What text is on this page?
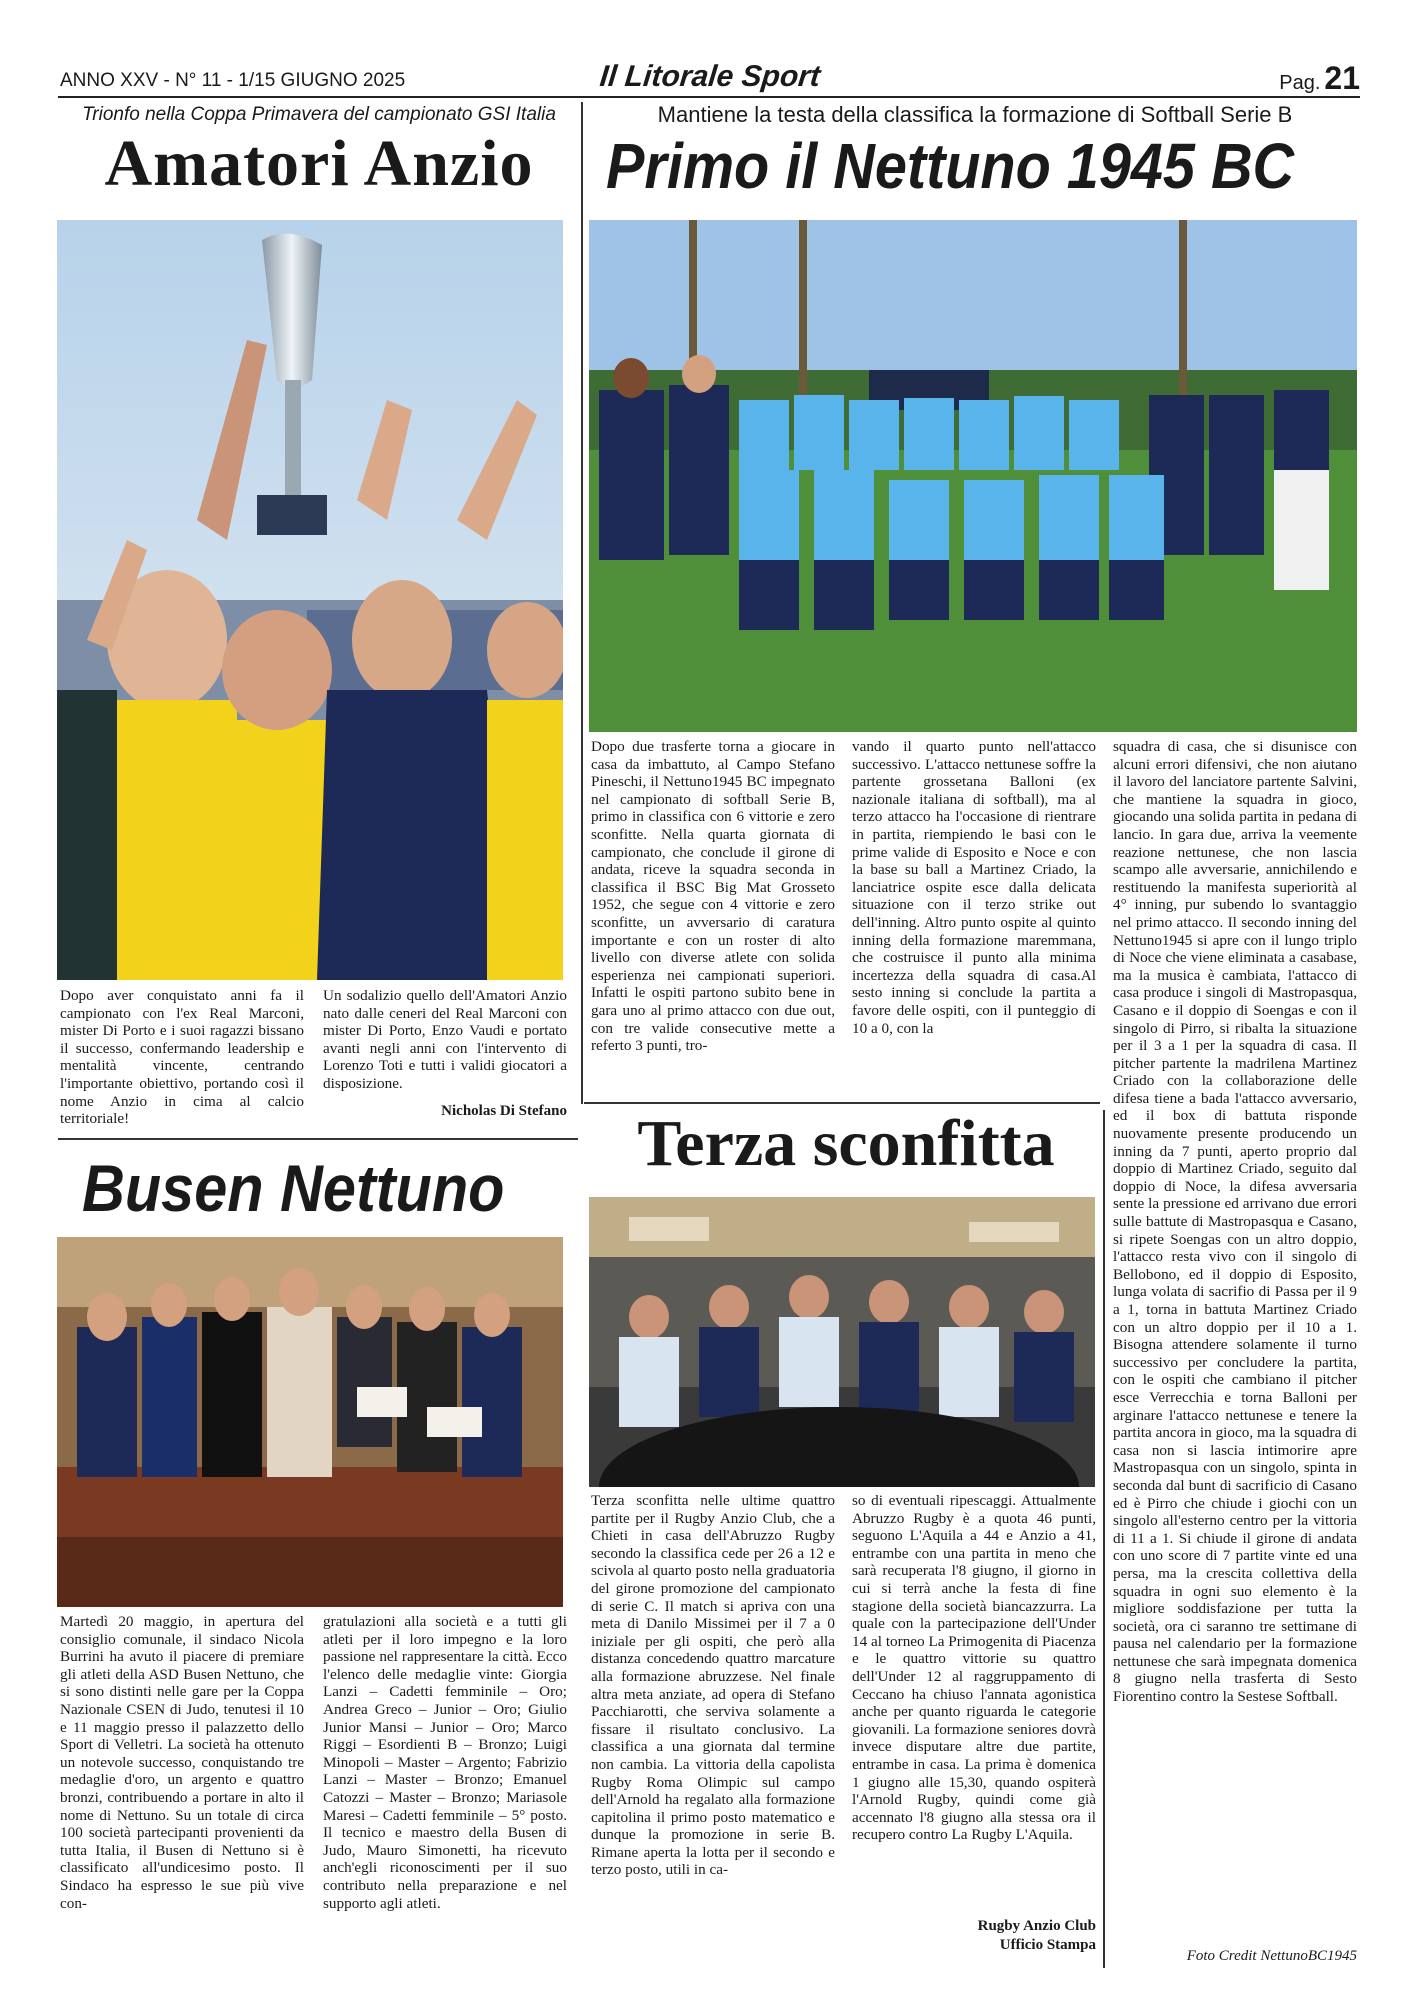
ANNO XXV - N° 11 - 1/15 GIUGNO 2025	Il Litorale Sport	Pag. 21
Trionfo nella Coppa Primavera del campionato GSI Italia
Amatori Anzio

Dopo aver conquistato anni fa il campionato con l'ex Real Marconi, mister Di Porto e i suoi ragazzi bissano il successo, confermando leadership e mentalità vincente, centrando l'importante obiettivo, portando così il nome Anzio in cima al calcio territoriale!

Un sodalizio quello dell'Amatori Anzio nato dalle ceneri del Real Marconi con mister Di Porto, Enzo Vaudi e portato avanti negli anni con l'intervento di Lorenzo Toti e tutti i validi giocatori a disposizione.

Nicholas Di Stefano
Busen Nettuno

Martedì 20 maggio, in apertura del consiglio comunale, il sindaco Nicola Burrini ha avuto il piacere di premiare gli atleti della ASD Busen Nettuno, che si sono distinti nelle gare per la Coppa Nazionale CSEN di Judo, tenutesi il 10 e 11 maggio presso il palazzetto dello Sport di Velletri. La società ha ottenuto un notevole successo, conquistando tre medaglie d'oro, un argento e quattro bronzi, contribuendo a portare in alto il nome di Nettuno. Su un totale di circa 100 società partecipanti provenienti da tutta Italia, il Busen di Nettuno si è classificato all'undicesimo posto. Il Sindaco ha espresso le sue più vive con-

gratulazioni alla società e a tutti gli atleti per il loro impegno e la loro passione nel rappresentare la città. Ecco l'elenco delle medaglie vinte: Giorgia Lanzi – Cadetti femminile – Oro; Andrea Greco – Junior – Oro; Giulio Junior Mansi – Junior – Oro; Marco Riggi – Esordienti B – Bronzo; Luigi Minopoli – Master – Argento; Fabrizio Lanzi – Master – Bronzo; Emanuel Catozzi – Master – Bronzo; Mariasole Maresi – Cadetti femminile – 5° posto. Il tecnico e maestro della Busen di Judo, Mauro Simonetti, ha ricevuto anch'egli riconoscimenti per il suo contributo nella preparazione e nel supporto agli atleti.

Mantiene la testa della classifica la formazione di Softball Serie B
Primo il Nettuno 1945 BC

Dopo due trasferte torna a giocare in casa da imbattuto, al Campo Stefano Pineschi, il Nettuno1945 BC impegnato nel campionato di softball Serie B, primo in classifica con 6 vittorie e zero sconfitte. Nella quarta giornata di campionato, che conclude il girone di andata, riceve la squadra seconda in classifica il BSC Big Mat Grosseto 1952, che segue con 4 vittorie e zero sconfitte, un avversario di caratura importante e con un roster di alto livello con diverse atlete con solida esperienza nei campionati superiori. Infatti le ospiti partono subito bene in gara uno al primo attacco con due out, con tre valide consecutive mette a referto 3 punti, tro-

vando il quarto punto nell'attacco successivo. L'attacco nettunese soffre la partente grossetana Balloni (ex nazionale italiana di softball), ma al terzo attacco ha l'occasione di rientrare in partita, riempiendo le basi con le prime valide di Esposito e Noce e con la base su ball a Martinez Criado, la lanciatrice ospite esce dalla delicata situazione con il terzo strike out dell'inning. Altro punto ospite al quinto inning della formazione maremmana, che costruisce il punto alla minima incertezza della squadra di casa.Al sesto inning si conclude la partita a favore delle ospiti, con il punteggio di 10 a 0, con la

squadra di casa, che si disunisce con alcuni errori difensivi, che non aiutano il lavoro del lanciatore partente Salvini, che mantiene la squadra in gioco, giocando una solida partita in pedana di lancio. In gara due, arriva la veemente reazione nettunese, che non lascia scampo alle avversarie, annichilendo e restituendo la manifesta superiorità al 4° inning, pur subendo lo svantaggio nel primo attacco. Il secondo inning del Nettuno1945 si apre con il lungo triplo di Noce che viene eliminata a casabase, ma la musica è cambiata, l'attacco di casa produce i singoli di Mastropasqua, Casano e il doppio di Soengas e con il singolo di Pirro, si ribalta la situazione per il 3 a 1 per la squadra di casa. Il pitcher partente la madrilena Martinez Criado con la collaborazione delle difesa tiene a bada l'attacco avversario, ed il box di battuta risponde nuovamente presente producendo un inning da 7 punti, aperto proprio dal doppio di Martinez Criado, seguito dal doppio di Noce, la difesa avversaria sente la pressione ed arrivano due errori sulle battute di Mastropasqua e Casano, si ripete Soengas con un altro doppio, l'attacco resta vivo con il singolo di Bellobono, ed il doppio di Esposito, lunga volata di sacrifio di Passa per il 9 a 1, torna in battuta Martinez Criado con un altro doppio per il 10 a 1. Bisogna attendere solamente il turno successivo per concludere la partita, con le ospiti che cambiano il pitcher esce Verrecchia e torna Balloni per arginare l'attacco nettunese e tenere la partita ancora in gioco, ma la squadra di casa non si lascia intimorire apre Mastropasqua con un singolo, spinta in seconda dal bunt di sacrificio di Casano ed è Pirro che chiude i giochi con un singolo all'esterno centro per la vittoria di 11 a 1. Si chiude il girone di andata con uno score di 7 partite vinte ed una persa, ma la crescita collettiva della squadra in ogni suo elemento è la migliore soddisfazione per tutta la società, ora ci saranno tre settimane di pausa nel calendario per la formazione nettunese che sarà impegnata domenica 8 giugno nella trasferta di Sesto Fiorentino contro la Sestese Softball.

Foto Credit NettunoBC1945
Terza sconfitta

Terza sconfitta nelle ultime quattro partite per il Rugby Anzio Club, che a Chieti in casa dell'Abruzzo Rugby secondo la classifica cede per 26 a 12 e scivola al quarto posto nella graduatoria del girone promozione del campionato di serie C. Il match si apriva con una meta di Danilo Missimei per il 7 a 0 iniziale per gli ospiti, che però alla distanza concedendo quattro marcature alla formazione abruzzese. Nel finale altra meta anziate, ad opera di Stefano Pacchiarotti, che serviva solamente a fissare il risultato conclusivo. La classifica a una giornata dal termine non cambia. La vittoria della capolista Rugby Roma Olimpic sul campo dell'Arnold ha regalato alla formazione capitolina il primo posto matematico e dunque la promozione in serie B. Rimane aperta la lotta per il secondo e terzo posto, utili in ca-

so di eventuali ripescaggi. Attualmente Abruzzo Rugby è a quota 46 punti, seguono L'Aquila a 44 e Anzio a 41, entrambe con una partita in meno che sarà recuperata l'8 giugno, il giorno in cui si terrà anche la festa di fine stagione della società biancazzurra. La quale con la partecipazione dell'Under 14 al torneo La Primogenita di Piacenza e le quattro vittorie su quattro dell'Under 12 al raggruppamento di Ceccano ha chiuso l'annata agonistica anche per quanto riguarda le categorie giovanili. La formazione seniores dovrà invece disputare altre due partite, entrambe in casa. La prima è domenica 1 giugno alle 15,30, quando ospiterà l'Arnold Rugby, quindi come già accennato l'8 giugno alla stessa ora il recupero contro La Rugby L'Aquila.

Rugby Anzio Club
Ufficio Stampa
